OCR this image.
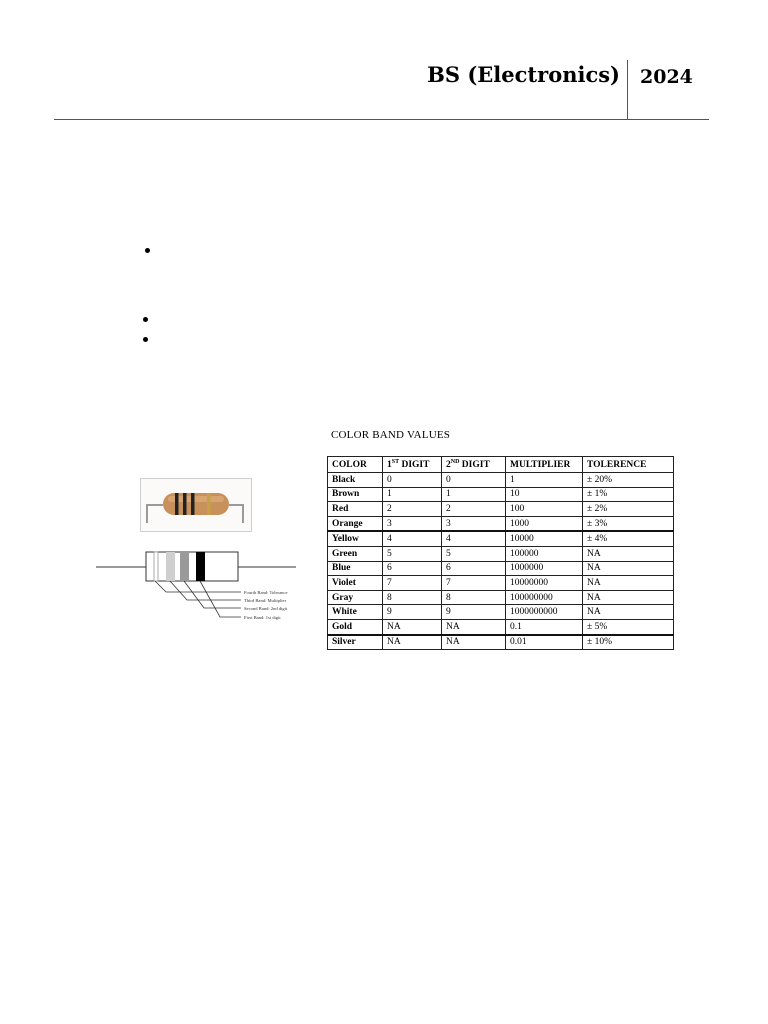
BS (Electronics) 2024
Fourth Band: Tolerance
Third Band: Multiplier
Second Band: 2nd digit
First Band: 1st digit
COLOR BAND VALUES
COLOR	1ST DIGIT	2ND DIGIT	MULTIPLIER	TOLERENCE
Black	0	0	1	± 20%
Brown	1	1	10	± 1%
Red	2	2	100	± 2%
Orange	3	3	1000	± 3%
Yellow	4	4	10000	± 4%
Green	5	5	100000	NA
Blue	6	6	1000000	NA
Violet	7	7	10000000	NA
Gray	8	8	100000000	NA
White	9	9	1000000000	NA
Gold	NA	NA	0.1	± 5%
Silver	NA	NA	0.01	± 10%
